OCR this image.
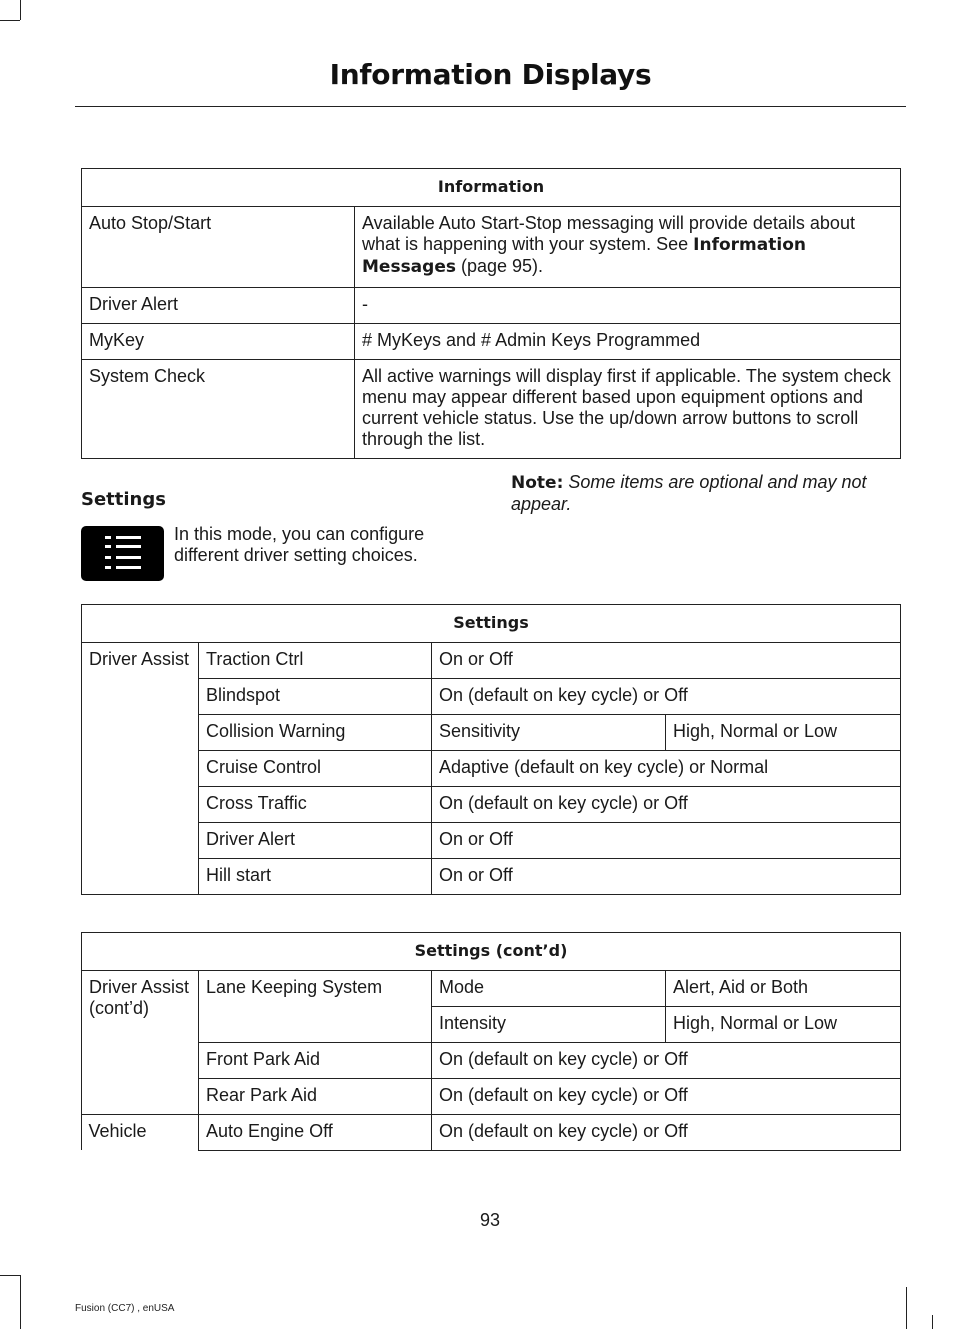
Information Displays
Information	
Auto Stop/Start	Available Auto Start-Stop messaging will provide details about what is happening with your system. See Information Messages (page 95).
Driver Alert	-
MyKey	# MyKeys and # Admin Keys Programmed
System Check	All active warnings will display first if applicable. The system check menu may appear different based upon equipment options and current vehicle status. Use the up/down arrow buttons to scroll through the list.
Settings
In this mode, you can configure different driver setting choices.
Note: Some items are optional and may not appear.
Settings			
Driver Assist	Traction Ctrl	On or Off	
	Blindspot	On (default on key cycle) or Off	
	Collision Warning	Sensitivity	High, Normal or Low
	Cruise Control	Adaptive (default on key cycle) or Normal	
	Cross Traffic	On (default on key cycle) or Off	
	Driver Alert	On or Off	
	Hill start	On or Off	
Settings (cont’d)			
Driver Assist (cont’d)	Lane Keeping System	Mode	Alert, Aid or Both
		Intensity	High, Normal or Low
	Front Park Aid	On (default on key cycle) or Off	
	Rear Park Aid	On (default on key cycle) or Off	
Vehicle	Auto Engine Off	On (default on key cycle) or Off	
93
Fusion (CC7) , enUSA
